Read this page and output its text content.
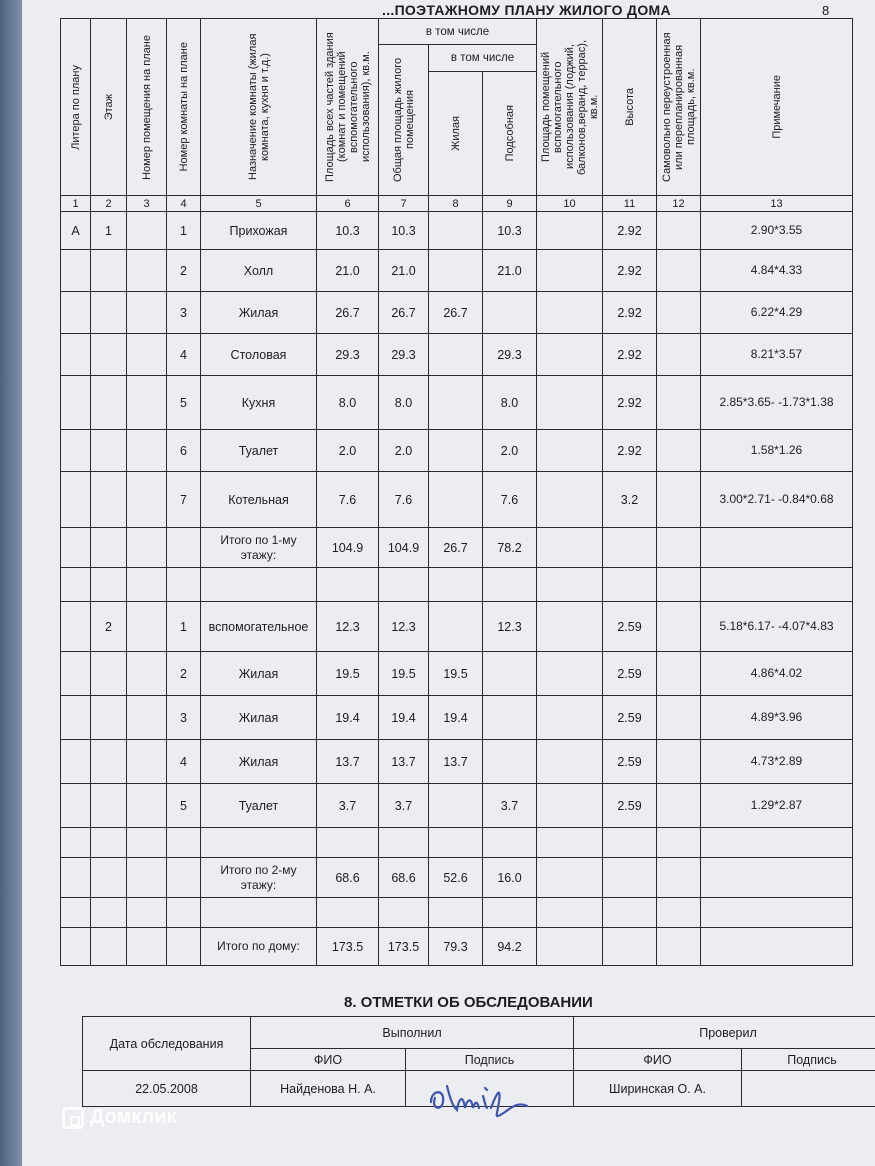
...ПОЭТАЖНОМУ ПЛАНУ ЖИЛОГО ДОМА	8
Литера по плану	Этаж	Номер помещения на плане	Номер комнаты на плане	Назначение комнаты (жилая комната, кухня и т.д.)	Площадь всех частей здания (комнат и помещений вспомогательного использования), кв.м.	в том числе			Площадь помещений вспомогательного использования (лоджий, балконов,веранд, террас), кв.м.	Высота	Самовольно переустроенная или перепланированная площадь, кв.м.	Примечание

						Общая площадь жилого помещения	в том числе					

							Жилая	Подсобная				

1	2	3	4	5	6	7	8	9	10	11	12	13
А	1		1	Прихожая	10.3	10.3		10.3		2.92		2.90*3.55
			2	Холл	21.0	21.0		21.0		2.92		4.84*4.33
			3	Жилая	26.7	26.7	26.7			2.92		6.22*4.29
			4	Столовая	29.3	29.3		29.3		2.92		8.21*3.57
			5	Кухня	8.0	8.0		8.0		2.92		2.85*3.65- -1.73*1.38
			6	Туалет	2.0	2.0		2.0		2.92		1.58*1.26
			7	Котельная	7.6	7.6		7.6		3.2		3.00*2.71- -0.84*0.68
				Итого по 1-му этажу:	104.9	104.9	26.7	78.2				

	2		1	вспомогательное	12.3	12.3		12.3		2.59		5.18*6.17- -4.07*4.83
			2	Жилая	19.5	19.5	19.5			2.59		4.86*4.02
			3	Жилая	19.4	19.4	19.4			2.59		4.89*3.96
			4	Жилая	13.7	13.7	13.7			2.59		4.73*2.89
			5	Туалет	3.7	3.7		3.7		2.59		1.29*2.87

				Итого по 2-му этажу:	68.6	68.6	52.6	16.0				

				Итого по дому:	173.5	173.5	79.3	94.2				
8. ОТМЕТКИ ОБ ОБСЛЕДОВАНИИ
Дата обследования	Выполнил		Проверил	
	ФИО	Подпись	ФИО	Подпись
22.05.2008	Найденова Н. А.		Ширинская О. А.	
Домклик
